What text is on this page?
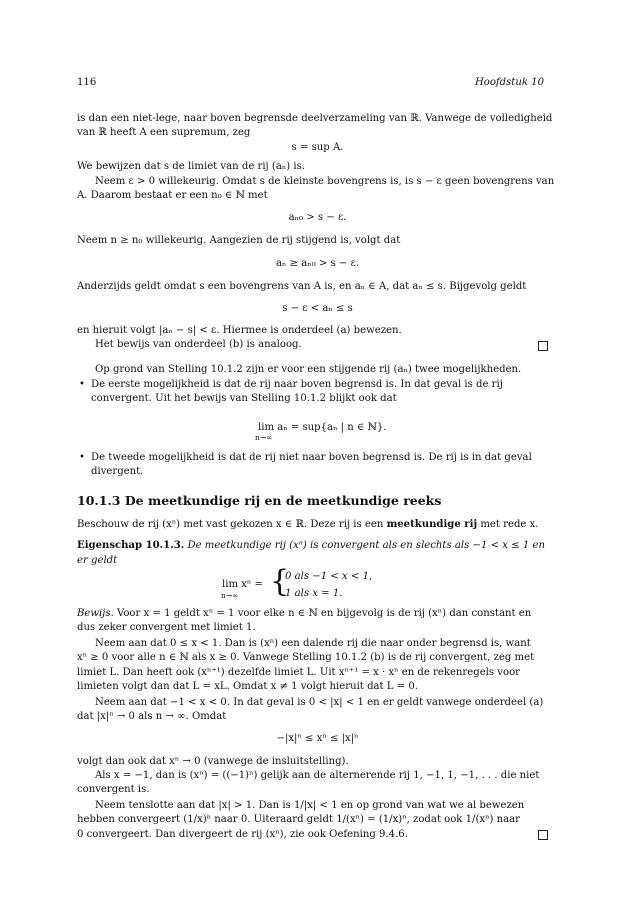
116	Hoofdstuk 10
is dan een niet-lege, naar boven begrensde deelverzameling van ℝ. Vanwege de volledigheid
van ℝ heeft A een supremum, zeg
s = sup A.
We bewijzen dat s de limiet van de rij (aₙ) is.
Neem ε > 0 willekeurig. Omdat s de kleinste bovengrens is, is s − ε geen bovengrens van
A. Daarom bestaat er een n₀ ∈ ℕ met
aₙ₀ > s − ε.
Neem n ≥ n₀ willekeurig. Aangezien de rij stijgend is, volgt dat
aₙ ≥ aₙ₀ > s − ε.
Anderzijds geldt omdat s een bovengrens van A is, en aₙ ∈ A, dat aₙ ≤ s. Bijgevolg geldt
s − ε < aₙ ≤ s
en hieruit volgt |aₙ − s| < ε. Hiermee is onderdeel (a) bewezen.
Het bewijs van onderdeel (b) is analoog.
Op grond van Stelling 10.1.2 zijn er voor een stijgende rij (aₙ) twee mogelijkheden.
• De eerste mogelijkheid is dat de rij naar boven begrensd is. In dat geval is de rij
convergent. Uit het bewijs van Stelling 10.1.2 blijkt ook dat
lim aₙ = sup{aₙ | n ∈ ℕ}.
n→∞
• De tweede mogelijkheid is dat de rij niet naar boven begrensd is. De rij is in dat geval
divergent.
10.1.3 De meetkundige rij en de meetkundige reeks
Beschouw de rij (xⁿ) met vast gekozen x ∈ ℝ. Deze rij is een meetkundige rij met rede x.
Eigenschap 10.1.3. De meetkundige rij (xⁿ) is convergent als en slechts als −1 < x ≤ 1 en
er geldt
lim xⁿ =
n→∞ {
0 als −1 < x < 1,
1 als x = 1.
Bewijs. Voor x = 1 geldt xⁿ = 1 voor elke n ∈ ℕ en bijgevolg is de rij (xⁿ) dan constant en
dus zeker convergent met limiet 1.
Neem aan dat 0 ≤ x < 1. Dan is (xⁿ) een dalende rij die naar onder begrensd is, want
xⁿ ≥ 0 voor alle n ∈ ℕ als x ≥ 0. Vanwege Stelling 10.1.2 (b) is de rij convergent, zeg met
limiet L. Dan heeft ook (xⁿ⁺¹) dezelfde limiet L. Uit xⁿ⁺¹ = x · xⁿ en de rekenregels voor
limieten volgt dan dat L = xL. Omdat x ≠ 1 volgt hieruit dat L = 0.
Neem aan dat −1 < x < 0. In dat geval is 0 < |x| < 1 en er geldt vanwege onderdeel (a)
dat |x|ⁿ → 0 als n → ∞. Omdat
−|x|ⁿ ≤ xⁿ ≤ |x|ⁿ
volgt dan ook dat xⁿ → 0 (vanwege de insluitstelling).
Als x = −1, dan is (xⁿ) = ((−1)ⁿ) gelijk aan de alternerende rij 1, −1, 1, −1, . . . die niet
convergent is.
Neem tenslotte aan dat |x| > 1. Dan is 1/|x| < 1 en op grond van wat we al bewezen
hebben convergeert (1/x)ⁿ naar 0. Uiteraard geldt 1/(xⁿ) = (1/x)ⁿ, zodat ook 1/(xⁿ) naar
0 convergeert. Dan divergeert de rij (xⁿ), zie ook Oefening 9.4.6.
